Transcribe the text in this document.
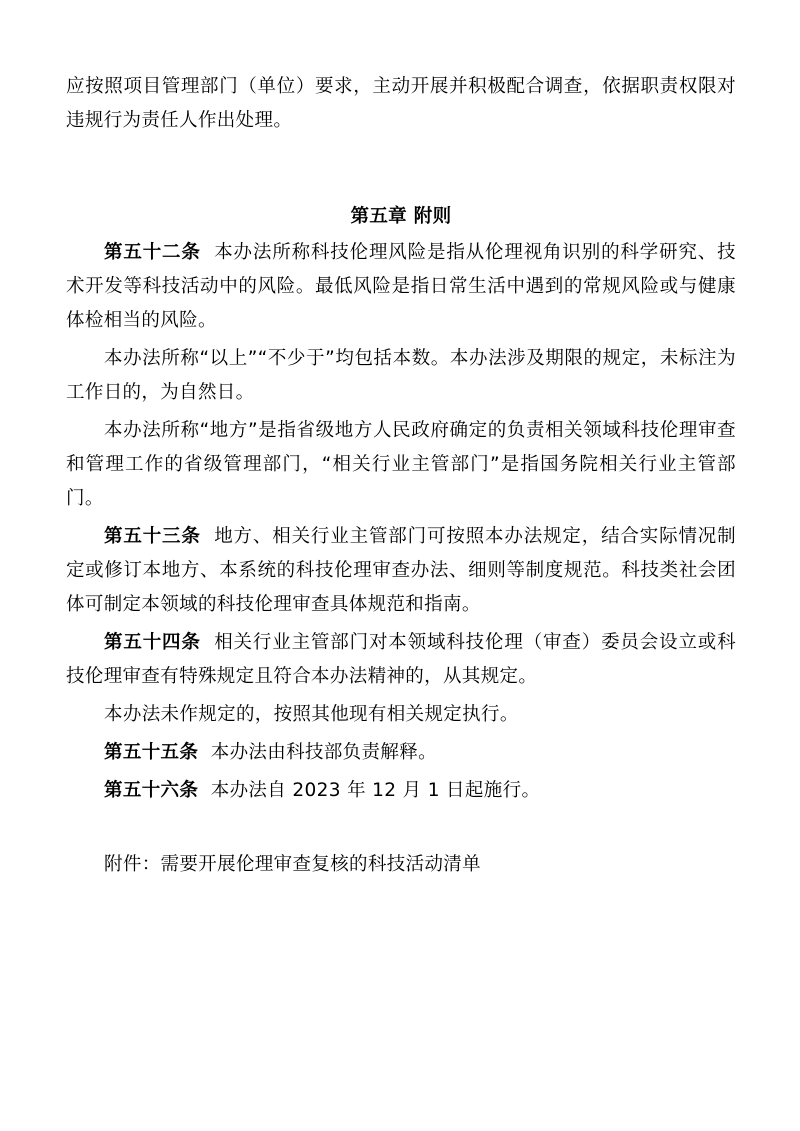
应按照项目管理部门（单位）要求，主动开展并积极配合调查，依据职责权限对违规行为责任人作出处理。

第五章 附则

第五十二条 本办法所称科技伦理风险是指从伦理视角识别的科学研究、技术开发等科技活动中的风险。最低风险是指日常生活中遇到的常规风险或与健康体检相当的风险。

本办法所称“以上”“不少于”均包括本数。本办法涉及期限的规定，未标注为工作日的，为自然日。

本办法所称“地方”是指省级地方人民政府确定的负责相关领域科技伦理审查和管理工作的省级管理部门，“相关行业主管部门”是指国务院相关行业主管部门。

第五十三条 地方、相关行业主管部门可按照本办法规定，结合实际情况制定或修订本地方、本系统的科技伦理审查办法、细则等制度规范。科技类社会团体可制定本领域的科技伦理审查具体规范和指南。

第五十四条 相关行业主管部门对本领域科技伦理（审查）委员会设立或科技伦理审查有特殊规定且符合本办法精神的，从其规定。

本办法未作规定的，按照其他现有相关规定执行。

第五十五条 本办法由科技部负责解释。

第五十六条 本办法自 2023 年 12 月 1 日起施行。

附件：需要开展伦理审查复核的科技活动清单
